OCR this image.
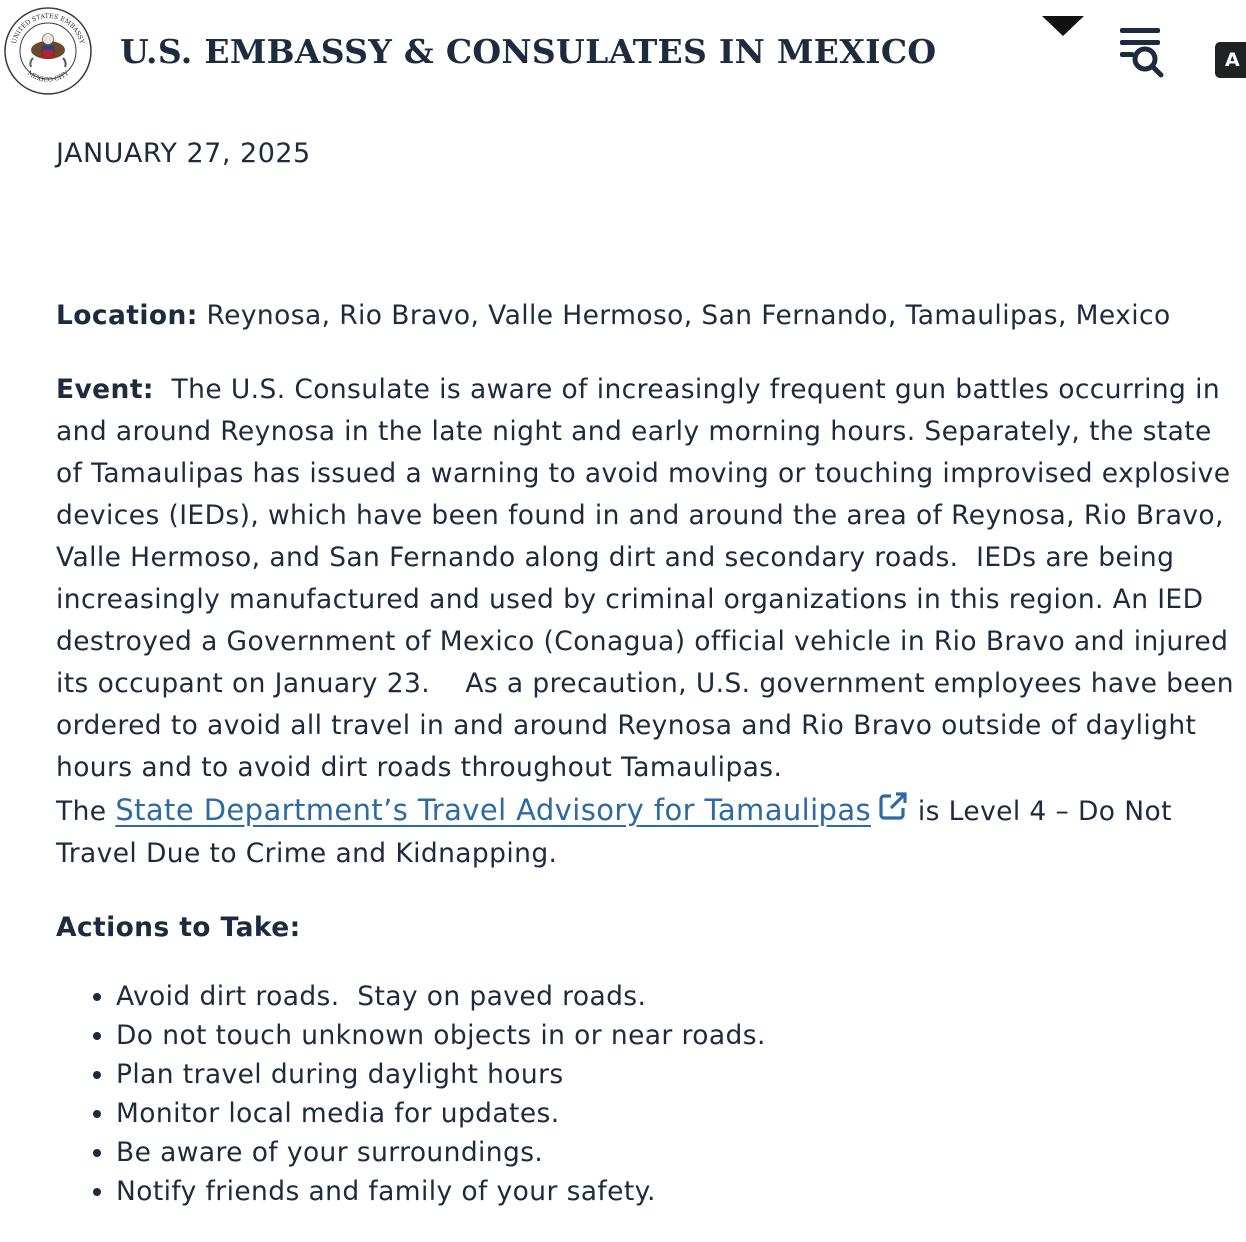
UNITED STATES EMBASSY
MEXICO CITY
U.S. EMBASSY & CONSULATES IN MEXICO	A
JANUARY 27, 2025

Location: Reynosa, Rio Bravo, Valle Hermoso, San Fernando, Tamaulipas, Mexico

Event:  The U.S. Consulate is aware of increasingly frequent gun battles occurring in and around Reynosa in the late night and early morning hours. Separately, the state of Tamaulipas has issued a warning to avoid moving or touching improvised explosive devices (IEDs), which have been found in and around the area of Reynosa, Rio Bravo, Valle Hermoso, and San Fernando along dirt and secondary roads.  IEDs are being increasingly manufactured and used by criminal organizations in this region. An IED destroyed a Government of Mexico (Conagua) official vehicle in Rio Bravo and injured its occupant on January 23.    As a precaution, U.S. government employees have been ordered to avoid all travel in and around Reynosa and Rio Bravo outside of daylight hours and to avoid dirt roads throughout Tamaulipas.

The State Department’s Travel Advisory for Tamaulipas is Level 4 – Do Not Travel Due to Crime and Kidnapping.

Actions to Take:

• Avoid dirt roads.  Stay on paved roads.
• Do not touch unknown objects in or near roads.
• Plan travel during daylight hours
• Monitor local media for updates.
• Be aware of your surroundings.
• Notify friends and family of your safety.
